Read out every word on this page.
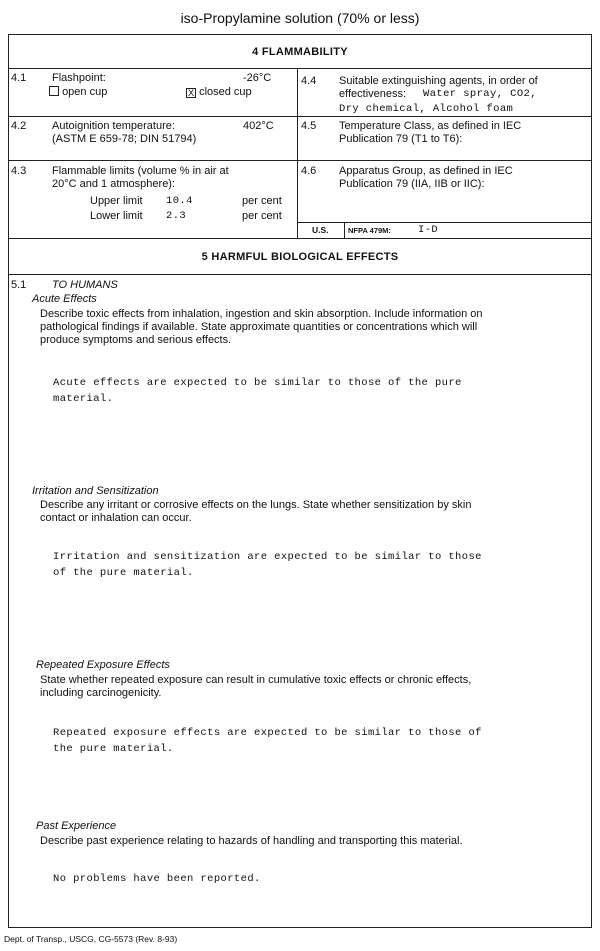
iso-Propylamine solution (70% or less)
4 FLAMMABILITY
4.1 Flashpoint:	-26°C
open cup	X closed cup
4.2 Autoignition temperature:	402°C
(ASTM E 659-78; DIN 51794)
4.3 Flammable limits (volume % in air at
20°C and 1 atmosphere):
Upper limit 10.4	per cent
Lower limit 2.3	per cent
4.4 Suitable extinguishing agents, in order of
effectiveness: Water spray, CO2,
Dry chemical, Alcohol foam
4.5 Temperature Class, as defined in IEC
Publication 79 (T1 to T6):
4.6 Apparatus Group, as defined in IEC
Publication 79 (IIA, IIB or IIC):
U.S.	NFPA 479M:	I-D
5 HARMFUL BIOLOGICAL EFFECTS
5.1 TO HUMANS
Acute Effects
Describe toxic effects from inhalation, ingestion and skin absorption. Include information on
pathological findings if available. State approximate quantities or concentrations which will
produce symptoms and serious effects.
Acute effects are expected to be similar to those of the pure
material.
Irritation and Sensitization
Describe any irritant or corrosive effects on the lungs. State whether sensitization by skin
contact or inhalation can occur.
Irritation and sensitization are expected to be similar to those
of the pure material.
Repeated Exposure Effects
State whether repeated exposure can result in cumulative toxic effects or chronic effects,
including carcinogenicity.
Repeated exposure effects are expected to be similar to those of
the pure material.
Past Experience
Describe past experience relating to hazards of handling and transporting this material.
No problems have been reported.
Dept. of Transp., USCG, CG-5573 (Rev. 8-93)
